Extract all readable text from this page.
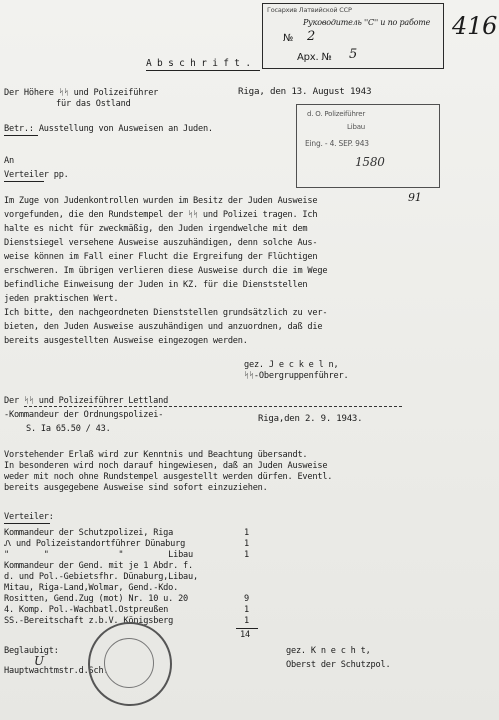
Госархив Латвийской ССР
Руководитель ''С'' и по работе
№ 2
Арх. № 5
416
A b s c h r i f t .
Der Höhere ᛋᛋ und Polizeiführer
für das Ostland
Riga, den 13. August 1943
d. O. Polizeiführer
Libau
Eing. - 4. SEP. 943
1580
Betr.: Ausstellung von Ausweisen an Juden.
An
Verteiler pp.
Im Zuge von Judenkontrollen wurden im Besitz der Juden Ausweise
vorgefunden, die den Rundstempel der ᛋᛋ und Polizei tragen. Ich
halte es nicht für zweckmäßig, den Juden irgendwelche mit dem
Dienstsiegel versehene Ausweise auszuhändigen, denn solche Aus-
weise können im Fall einer Flucht die Ergreifung der Flüchtigen
erschweren. Im übrigen verlieren diese Ausweise durch die im Wege
befindliche Einweisung der Juden in KZ. für die Dienststellen
jeden praktischen Wert.
Ich bitte, den nachgeordneten Dienststellen grundsätzlich zu ver-
bieten, den Juden Ausweise auszuhändigen und anzuordnen, daß die
bereits ausgestellten Ausweise eingezogen werden.
91
gez. J e c k e l n,
ᛋᛋ-Obergruppenführer.
Der ᛋᛋ und Polizeiführer Lettland
-Kommandeur der Ordnungspolizei-
S. Ia 65.50 / 43.
Riga,den 2. 9. 1943.
Vorstehender Erlaß wird zur Kenntnis und Beachtung übersandt.
In besonderen wird noch darauf hingewiesen, daß an Juden Ausweise
weder mit noch ohne Rundstempel ausgestellt werden dürfen. Eventl.
bereits ausgegebene Ausweise sind sofort einzuziehen.
Verteiler:
Kommandeur der Schutzpolizei, Riga	1
Ꮑ und Polizeistandortführer Dünaburg	1
"       "              "         Libau	1
Kommandeur der Gend. mit je 1 Abdr. f.
d. und Pol.-Gebietsfhr. Dünaburg,Libau,
Mitau, Riga-Land,Wolmar, Gend.-Kdo.
Rositten, Gend.Zug (mot) Nr. 10 u. 20	9
4. Komp. Pol.-Wachbatl.Ostpreußen	1
SS.-Bereitschaft z.b.V. Königsberg	1
14
Beglaubigt:
U
Hauptwachtmstr.d.Sch.
gez. K n e c h t,
Oberst der Schutzpol.
